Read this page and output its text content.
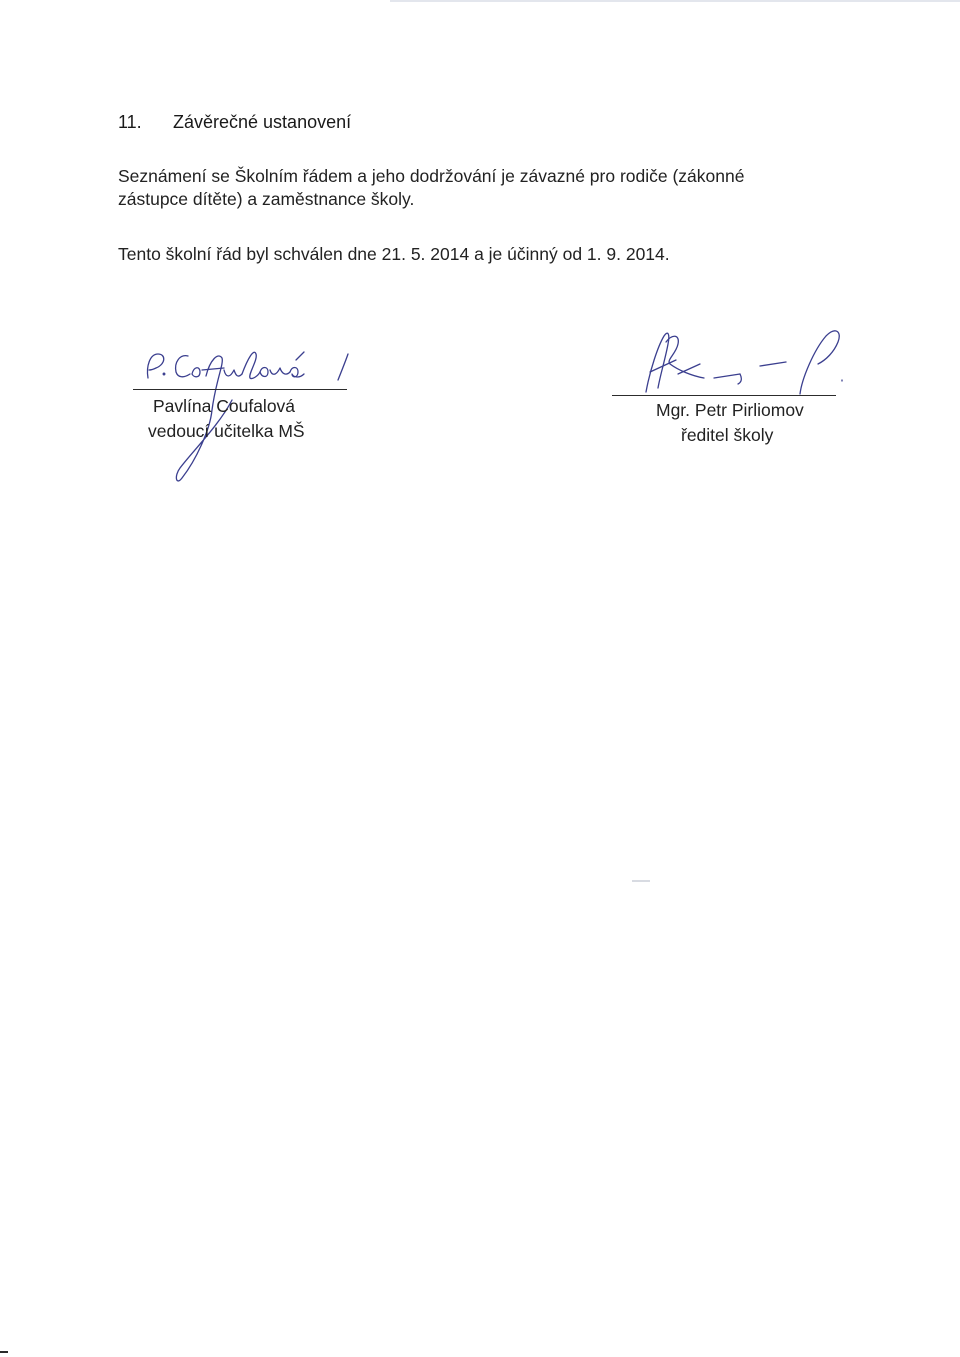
11. Závěrečné ustanovení

Seznámení se Školním řádem a jeho dodržování je závazné pro rodiče (zákonné

zástupce dítěte) a zaměstnance školy.

Tento školní řád byl schválen dne 21. 5. 2014 a je účinný od 1. 9. 2014.

Pavlína Coufalová

vedoucí učitelka MŠ

Mgr. Petr Pirliomov

ředitel školy
